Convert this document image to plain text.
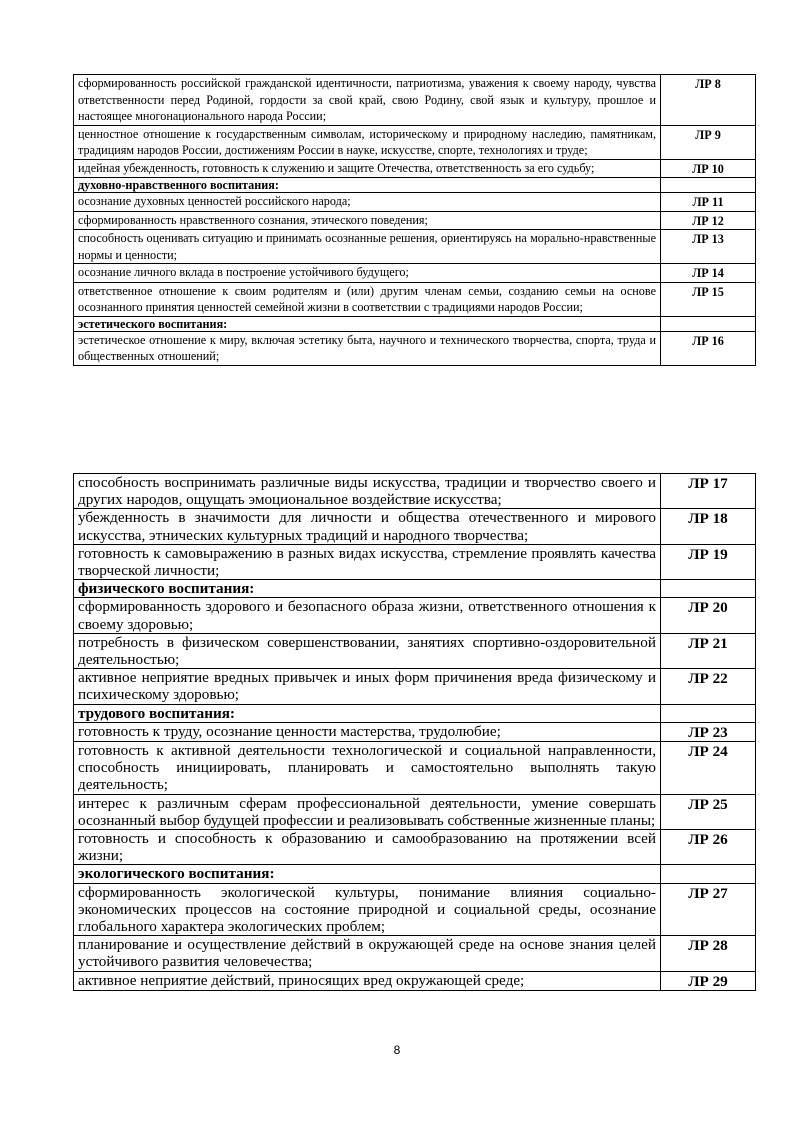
сформированность российской гражданской идентичности, патриотизма, уважения к своему народу, чувства ответственности перед Родиной, гордости за свой край, свою Родину, свой язык и культуру, прошлое и настоящее многонационального народа России;	ЛР 8
ценностное отношение к государственным символам, историческому и природному наследию, памятникам, традициям народов России, достижениям России в науке, искусстве, спорте, технологиях и труде;	ЛР 9
идейная убежденность, готовность к служению и защите Отечества, ответственность за его судьбу;	ЛР 10
духовно-нравственного воспитания:	
осознание духовных ценностей российского народа;	ЛР 11
сформированность нравственного сознания, этического поведения;	ЛР 12
способность оценивать ситуацию и принимать осознанные решения, ориентируясь на морально-нравственные нормы и ценности;	ЛР 13
осознание личного вклада в построение устойчивого будущего;	ЛР 14
ответственное отношение к своим родителям и (или) другим членам семьи, созданию семьи на основе осознанного принятия ценностей семейной жизни в соответствии с традициями народов России;	ЛР 15
эстетического воспитания:	
эстетическое отношение к миру, включая эстетику быта, научного и технического творчества, спорта, труда и общественных отношений;	ЛР 16
способность воспринимать различные виды искусства, традиции и творчество своего и других народов, ощущать эмоциональное воздействие искусства;	ЛР 17
убежденность в значимости для личности и общества отечественного и мирового искусства, этнических культурных традиций и народного творчества;	ЛР 18
готовность к самовыражению в разных видах искусства, стремление проявлять качества творческой личности;	ЛР 19
физического воспитания:	
сформированность здорового и безопасного образа жизни, ответственного отношения к своему здоровью;	ЛР 20
потребность в физическом совершенствовании, занятиях спортивно-оздоровительной деятельностью;	ЛР 21
активное неприятие вредных привычек и иных форм причинения вреда физическому и психическому здоровью;	ЛР 22
трудового воспитания:	
готовность к труду, осознание ценности мастерства, трудолюбие;	ЛР 23
готовность к активной деятельности технологической и социальной направленности, способность инициировать, планировать и самостоятельно выполнять такую деятельность;	ЛР 24
интерес к различным сферам профессиональной деятельности, умение совершать осознанный выбор будущей профессии и реализовывать собственные жизненные планы;	ЛР 25
готовность и способность к образованию и самообразованию на протяжении всей жизни;	ЛР 26
экологического воспитания:	
сформированность экологической культуры, понимание влияния социально-экономических процессов на состояние природной и социальной среды, осознание глобального характера экологических проблем;	ЛР 27
планирование и осуществление действий в окружающей среде на основе знания целей устойчивого развития человечества;	ЛР 28
активное неприятие действий, приносящих вред окружающей среде;	ЛР 29
8
